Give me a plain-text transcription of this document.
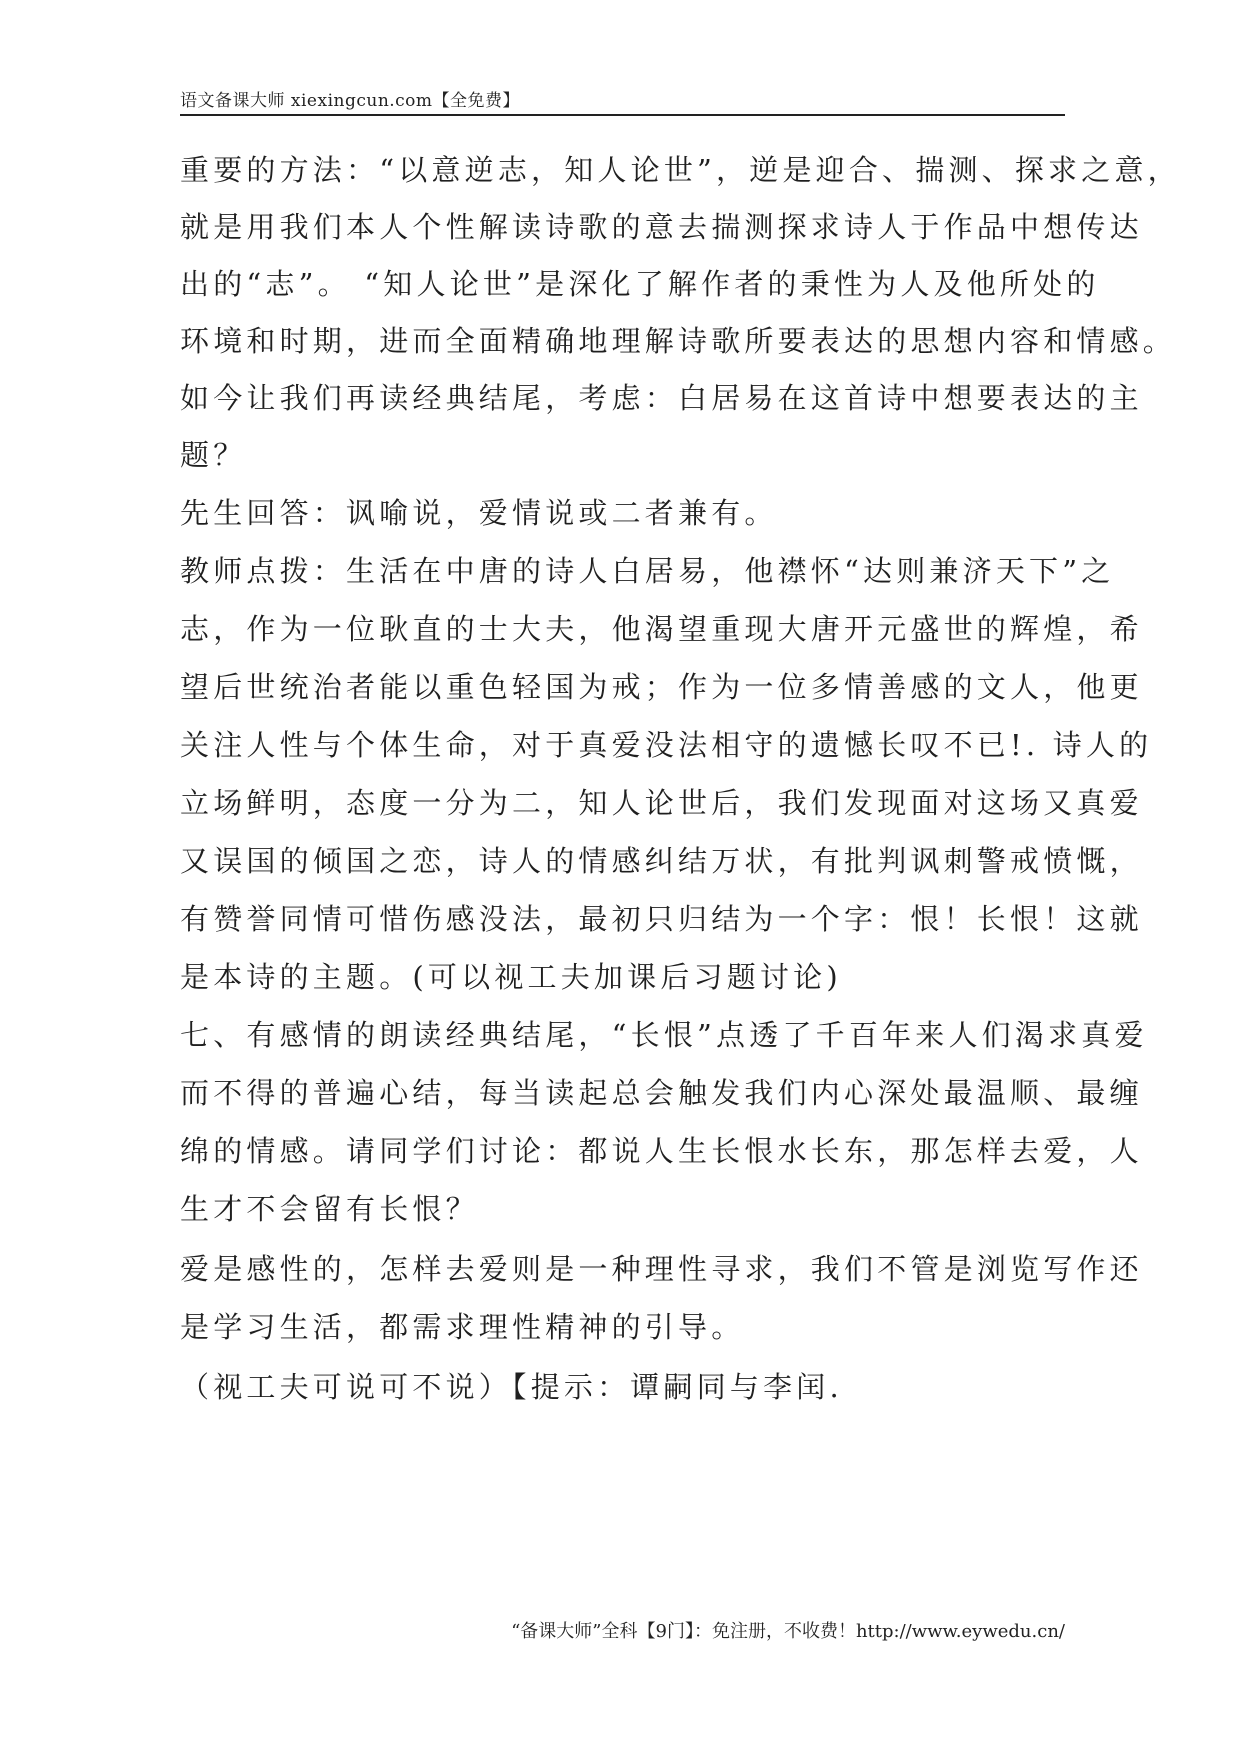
语文备课大师 xiexingcun.com【全免费】
重要的方法：“以意逆志，知人论世”，逆是迎合、揣测、探求之意，
就是用我们本人个性解读诗歌的意去揣测探求诗人于作品中想传达
出的“志”。 “知人论世”是深化了解作者的秉性为人及他所处的
环境和时期，进而全面精确地理解诗歌所要表达的思想内容和情感。
如今让我们再读经典结尾，考虑：白居易在这首诗中想要表达的主
题？
先生回答：讽喻说，爱情说或二者兼有。
教师点拨：生活在中唐的诗人白居易，他襟怀“达则兼济天下”之
志，作为一位耿直的士大夫，他渴望重现大唐开元盛世的辉煌，希
望后世统治者能以重色轻国为戒；作为一位多情善感的文人，他更
关注人性与个体生命，对于真爱没法相守的遗憾长叹不已!. 诗人的
立场鲜明，态度一分为二，知人论世后，我们发现面对这场又真爱
又误国的倾国之恋，诗人的情感纠结万状，有批判讽刺警戒愤慨，
有赞誉同情可惜伤感没法，最初只归结为一个字：恨！长恨！这就
是本诗的主题。(可以视工夫加课后习题讨论)
七、有感情的朗读经典结尾，“长恨”点透了千百年来人们渴求真爱
而不得的普遍心结，每当读起总会触发我们内心深处最温顺、最缠
绵的情感。请同学们讨论：都说人生长恨水长东，那怎样去爱，人
生才不会留有长恨？
爱是感性的，怎样去爱则是一种理性寻求，我们不管是浏览写作还
是学习生活，都需求理性精神的引导。
（视工夫可说可不说）【提示：谭嗣同与李闰.
“备课大师”全科【9门】：免注册，不收费！http://www.eywedu.cn/
